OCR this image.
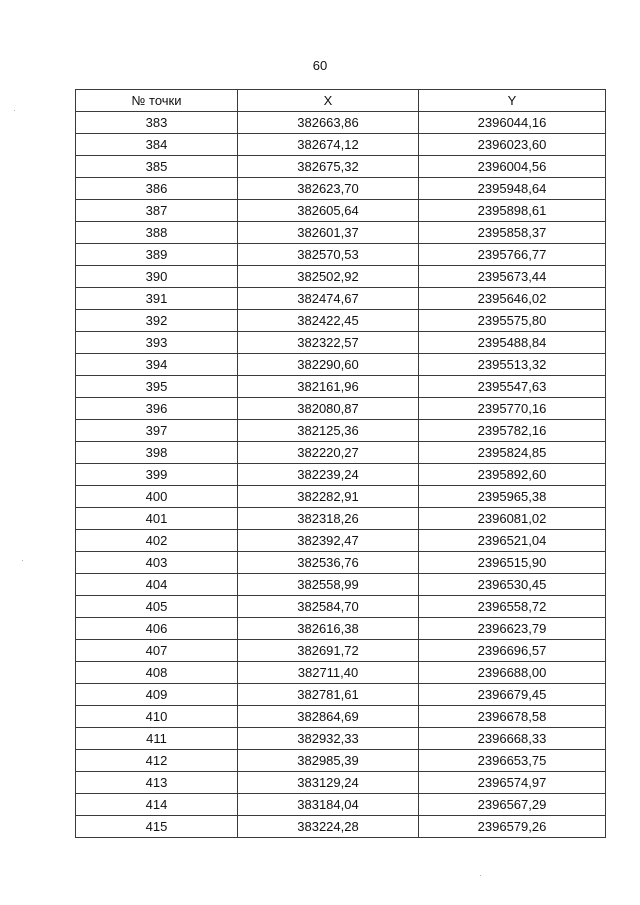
60
№ точки	X	Y
383	382663,86	2396044,16
384	382674,12	2396023,60
385	382675,32	2396004,56
386	382623,70	2395948,64
387	382605,64	2395898,61
388	382601,37	2395858,37
389	382570,53	2395766,77
390	382502,92	2395673,44
391	382474,67	2395646,02
392	382422,45	2395575,80
393	382322,57	2395488,84
394	382290,60	2395513,32
395	382161,96	2395547,63
396	382080,87	2395770,16
397	382125,36	2395782,16
398	382220,27	2395824,85
399	382239,24	2395892,60
400	382282,91	2395965,38
401	382318,26	2396081,02
402	382392,47	2396521,04
403	382536,76	2396515,90
404	382558,99	2396530,45
405	382584,70	2396558,72
406	382616,38	2396623,79
407	382691,72	2396696,57
408	382711,40	2396688,00
409	382781,61	2396679,45
410	382864,69	2396678,58
411	382932,33	2396668,33
412	382985,39	2396653,75
413	383129,24	2396574,97
414	383184,04	2396567,29
415	383224,28	2396579,26
